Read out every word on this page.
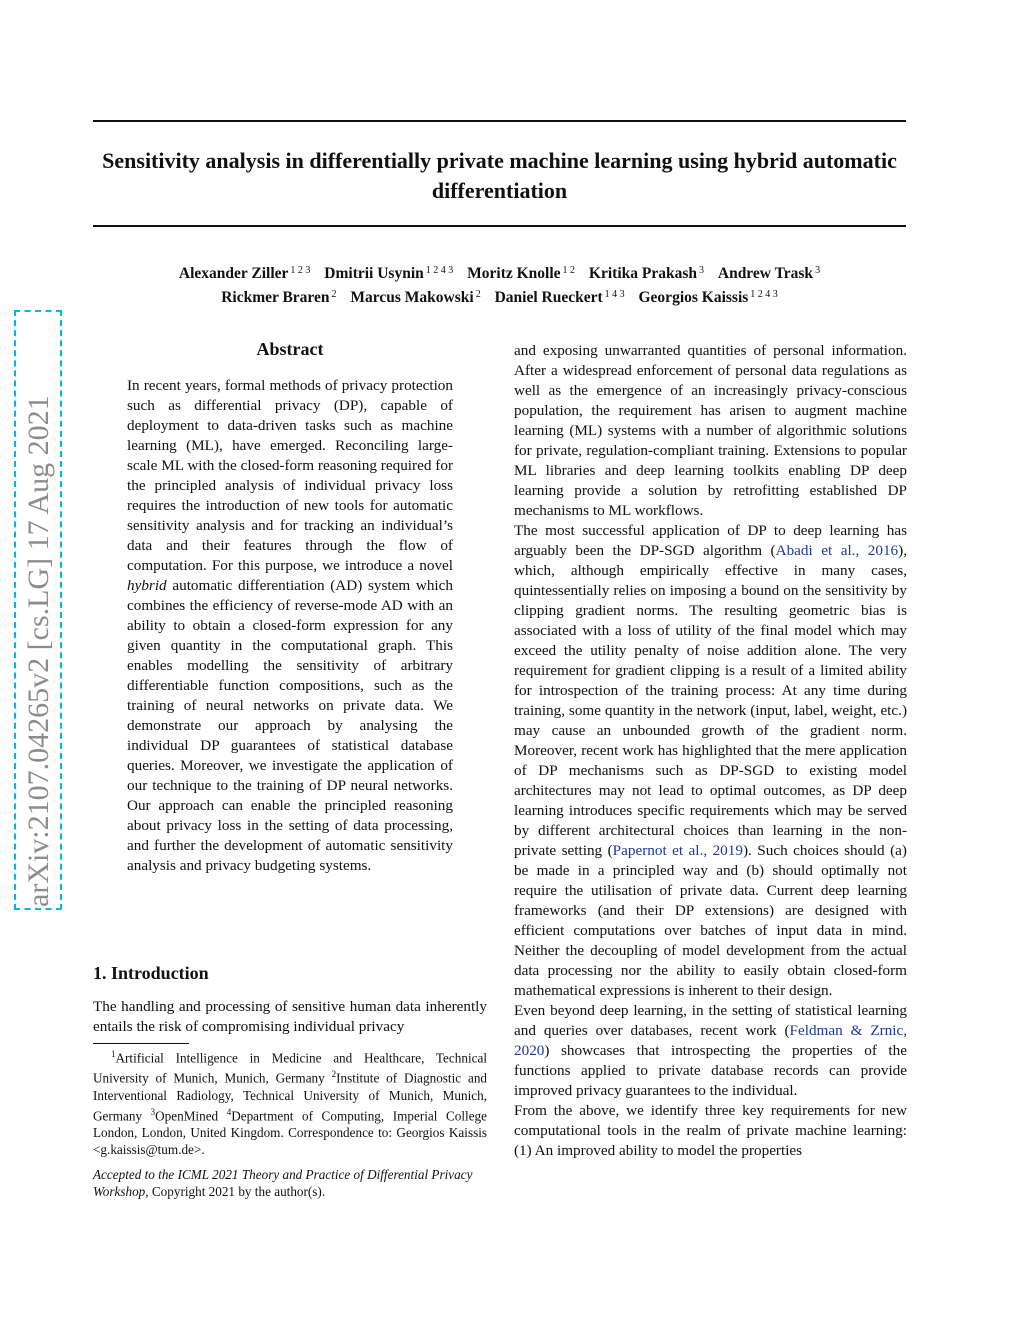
Sensitivity analysis in differentially private machine learning using hybrid automatic differentiation
Alexander Ziller $^{1 2 3}$ Dmitrii Usynin $^{1 2 4 3}$ Moritz Knolle $^{1 2}$ Kritika Prakash $^3$ Andrew Trask $^3$
Rickmer Braren $^2$ Marcus Makowski $^2$ Daniel Rueckert $^{1 4 3}$ Georgios Kaissis $^{1 2 4 3}$
arXiv:2107.04265v2 [cs.LG] 17 Aug 2021
Abstract
In recent years, formal methods of privacy protection such as differential privacy (DP), capable of deployment to data-driven tasks such as machine learning (ML), have emerged. Reconciling large-scale ML with the closed-form reasoning required for the principled analysis of individual privacy loss requires the introduction of new tools for automatic sensitivity analysis and for tracking an individual’s data and their features through the flow of computation. For this purpose, we introduce a novel hybrid automatic differentiation (AD) system which combines the efficiency of reverse-mode AD with an ability to obtain a closed-form expression for any given quantity in the computational graph. This enables modelling the sensitivity of arbitrary differentiable function compositions, such as the training of neural networks on private data. We demonstrate our approach by analysing the individual DP guarantees of statistical database queries. Moreover, we investigate the application of our technique to the training of DP neural networks. Our approach can enable the principled reasoning about privacy loss in the setting of data processing, and further the development of automatic sensitivity analysis and privacy budgeting systems.
1. Introduction
The handling and processing of sensitive human data inherently entails the risk of compromising individual privacy

$^1$Artificial Intelligence in Medicine and Healthcare, Technical University of Munich, Munich, Germany $^2$Institute of Diagnostic and Interventional Radiology, Technical University of Munich, Munich, Germany $^3$OpenMined $^4$Department of Computing, Imperial College London, London, United Kingdom. Correspondence to: Georgios Kaissis <g.kaissis@tum.de>.

Accepted to the ICML 2021 Theory and Practice of Differential Privacy Workshop, Copyright 2021 by the author(s).

and exposing unwarranted quantities of personal information. After a widespread enforcement of personal data regulations as well as the emergence of an increasingly privacy-conscious population, the requirement has arisen to augment machine learning (ML) systems with a number of algorithmic solutions for private, regulation-compliant training. Extensions to popular ML libraries and deep learning toolkits enabling DP deep learning provide a solution by retrofitting established DP mechanisms to ML workflows.

The most successful application of DP to deep learning has arguably been the DP-SGD algorithm (Abadi et al., 2016), which, although empirically effective in many cases, quintessentially relies on imposing a bound on the sensitivity by clipping gradient norms. The resulting geometric bias is associated with a loss of utility of the final model which may exceed the utility penalty of noise addition alone. The very requirement for gradient clipping is a result of a limited ability for introspection of the training process: At any time during training, some quantity in the network (input, label, weight, etc.) may cause an unbounded growth of the gradient norm. Moreover, recent work has highlighted that the mere application of DP mechanisms such as DP-SGD to existing model architectures may not lead to optimal outcomes, as DP deep learning introduces specific requirements which may be served by different architectural choices than learning in the non-private setting (Papernot et al., 2019). Such choices should (a) be made in a principled way and (b) should optimally not require the utilisation of private data. Current deep learning frameworks (and their DP extensions) are designed with efficient computations over batches of input data in mind. Neither the decoupling of model development from the actual data processing nor the ability to easily obtain closed-form mathematical expressions is inherent to their design.

Even beyond deep learning, in the setting of statistical learning and queries over databases, recent work (Feldman & Zrnic, 2020) showcases that introspecting the properties of the functions applied to private database records can provide improved privacy guarantees to the individual.

From the above, we identify three key requirements for new computational tools in the realm of private machine learning: (1) An improved ability to model the properties
